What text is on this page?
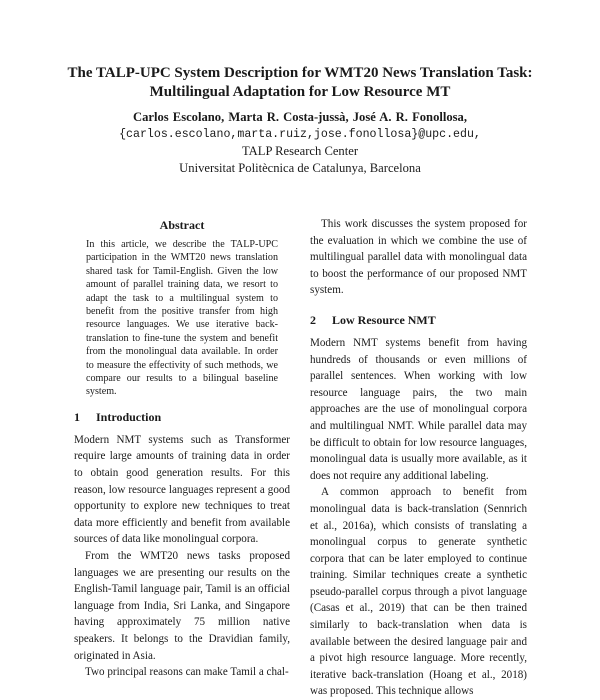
The TALP-UPC System Description for WMT20 News Translation Task:
Multilingual Adaptation for Low Resource MT
Carlos Escolano, Marta R. Costa-jussà, José A. R. Fonollosa,
{carlos.escolano,marta.ruiz,jose.fonollosa}@upc.edu,
TALP Research Center
Universitat Politècnica de Catalunya, Barcelona
Abstract
In this article, we describe the TALP-UPC participation in the WMT20 news translation shared task for Tamil-English. Given the low amount of parallel training data, we resort to adapt the task to a multilingual system to benefit from the positive transfer from high resource languages. We use iterative back-translation to fine-tune the system and benefit from the monolingual data available. In order to measure the effectivity of such methods, we compare our results to a bilingual baseline system.
1 Introduction

Modern NMT systems such as Transformer require large amounts of training data in order to obtain good generation results. For this reason, low resource languages represent a good opportunity to explore new techniques to treat data more efficiently and benefit from available sources of data like monolingual corpora.

From the WMT20 news tasks proposed languages we are presenting our results on the English-Tamil language pair, Tamil is an official language from India, Sri Lanka, and Singapore having approximately 75 million native speakers. It belongs to the Dravidian family, originated in Asia.

Two principal reasons can make Tamil a chal-

This work discusses the system proposed for the evaluation in which we combine the use of multilingual parallel data with monolingual data to boost the performance of our proposed NMT system.

2 Low Resource NMT

Modern NMT systems benefit from having hundreds of thousands or even millions of parallel sentences. When working with low resource language pairs, the two main approaches are the use of monolingual corpora and multilingual NMT. While parallel data may be difficult to obtain for low resource languages, monolingual data is usually more available, as it does not require any additional labeling.

A common approach to benefit from monolingual data is back-translation (Sennrich et al., 2016a), which consists of translating a monolingual corpus to generate synthetic corpora that can be later employed to continue training. Similar techniques create a synthetic pseudo-parallel corpus through a pivot language (Casas et al., 2019) that can be then trained similarly to back-translation when data is available between the desired language pair and a pivot high resource language. More recently, iterative back-translation (Hoang et al., 2018) was proposed. This technique allows
